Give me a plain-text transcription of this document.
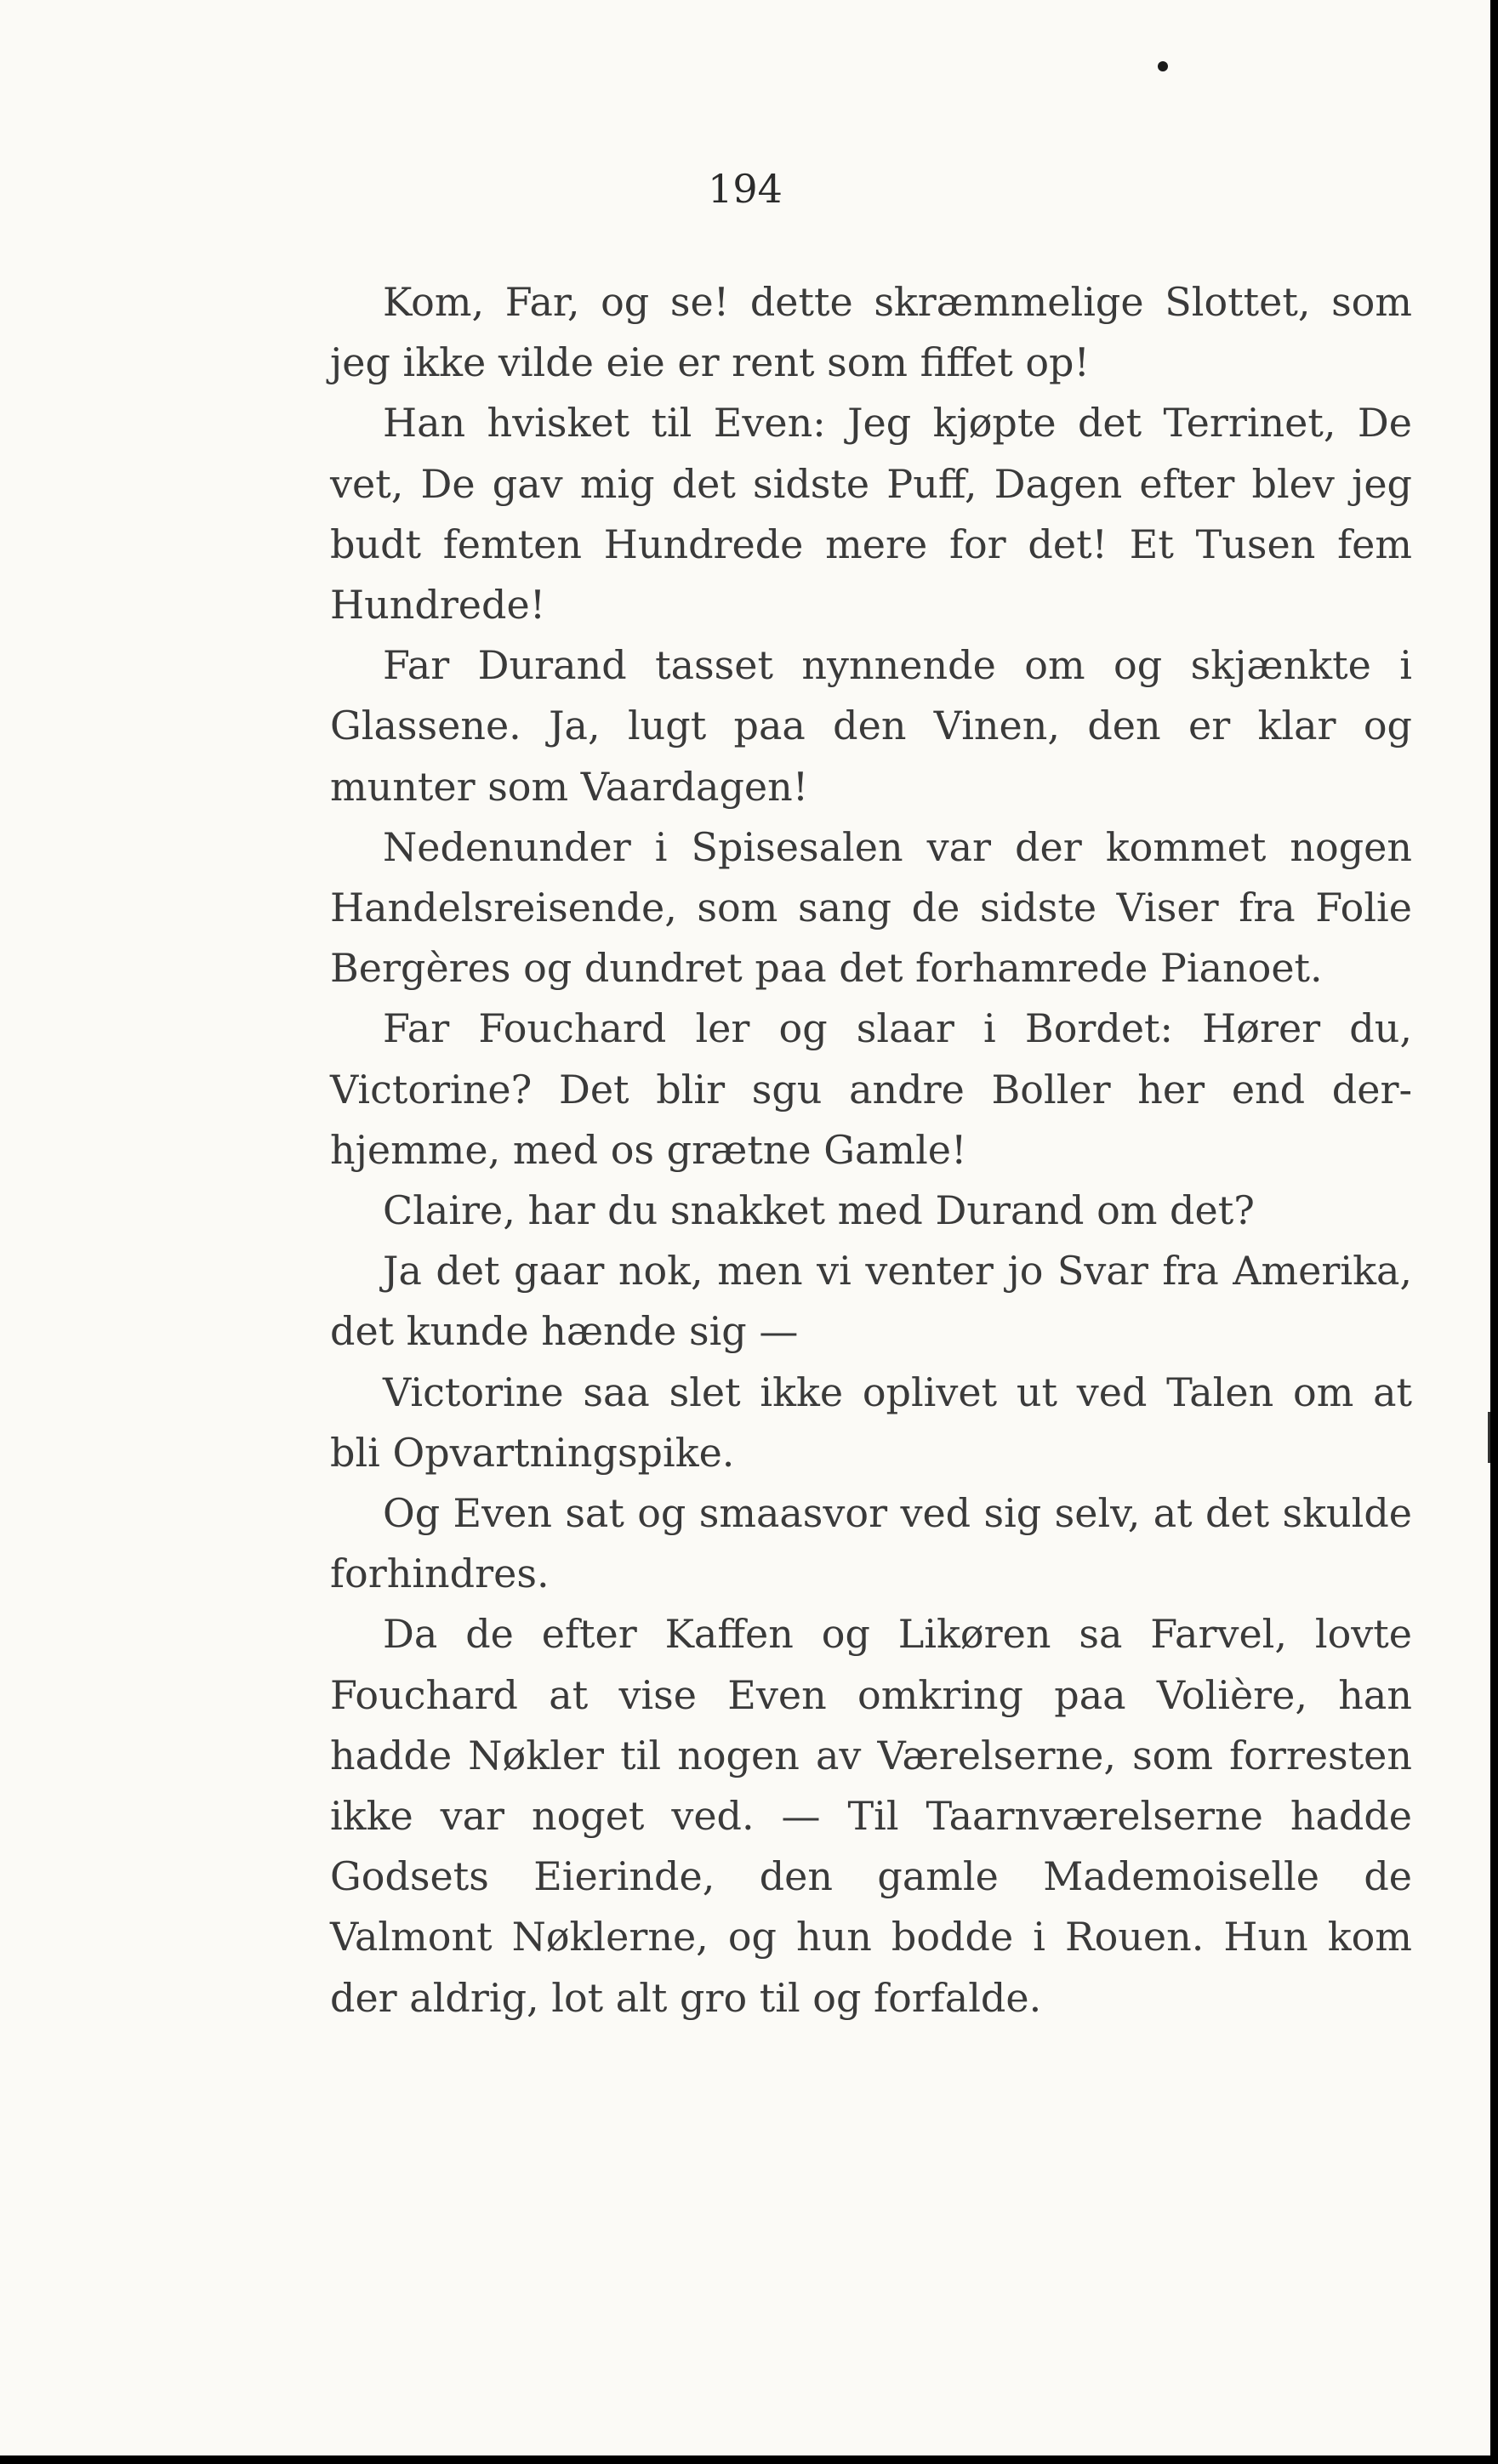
194

Kom, Far, og se! dette skræmmelige Slottet, som jeg ikke vilde eie er rent som fiffet op!

Han hvisket til Even: Jeg kjøpte det Terrinet, De vet, De gav mig det sidste Puff, Dagen efter blev jeg budt femten Hundrede mere for det! Et Tusen fem Hundrede!

Far Durand tasset nynnende om og skjænkte i Glassene. Ja, lugt paa den Vinen, den er klar og munter som Vaardagen!

Nedenunder i Spisesalen var der kommet nogen Handelsreisende, som sang de sidste Viser fra Folie Bergères og dundret paa det forhamrede Pianoet.

Far Fouchard ler og slaar i Bordet: Hører du, Victorine? Det blir sgu andre Boller her end derhjemme, med os grætne Gamle!

Claire, har du snakket med Durand om det?

Ja det gaar nok, men vi venter jo Svar fra Amerika, det kunde hænde sig —

Victorine saa slet ikke oplivet ut ved Talen om at bli Opvartningspike.

Og Even sat og smaasvor ved sig selv, at det skulde forhindres.

Da de efter Kaffen og Likøren sa Farvel, lovte Fouchard at vise Even omkring paa Volière, han hadde Nøkler til nogen av Værelserne, som forresten ikke var noget ved. — Til Taarnværelserne hadde Godsets Eierinde, den gamle Mademoiselle de Valmont Nøklerne, og hun bodde i Rouen. Hun kom der aldrig, lot alt gro til og forfalde.
